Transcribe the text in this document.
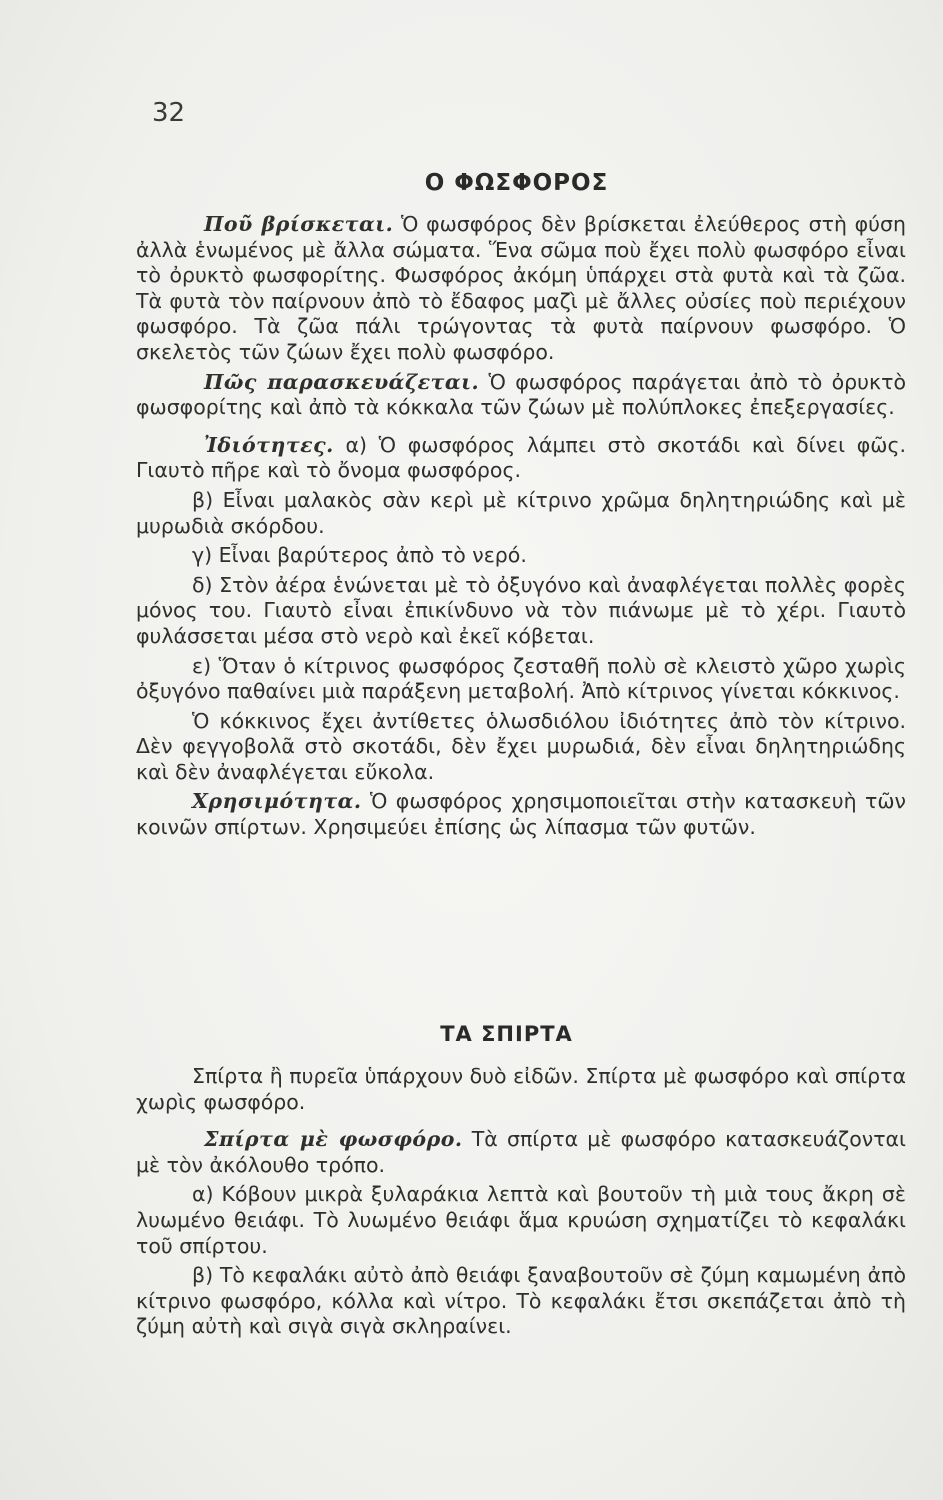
32
Ο ΦΩΣΦΟΡΟΣ

Ποῦ βρίσκεται. Ὁ φωσφόρος δὲν βρίσκεται ἐλεύθερος στὴ φύση ἀλλὰ ἑνωμένος μὲ ἄλλα σώματα. Ἕνα σῶμα ποὺ ἔχει πολὺ φωσφόρο εἶναι τὸ ὀρυκτὸ φωσφορίτης. Φωσφόρος ἀκόμη ὑπάρχει στὰ φυτὰ καὶ τὰ ζῶα. Τὰ φυτὰ τὸν παίρνουν ἀπὸ τὸ ἔδαφος μαζὶ μὲ ἄλλες οὐσίες ποὺ περιέχουν φωσφόρο. Τὰ ζῶα πάλι τρώγοντας τὰ φυτὰ παίρνουν φωσφόρο. Ὁ σκελετὸς τῶν ζώων ἔχει πολὺ φωσφόρο.

Πῶς παρασκευάζεται. Ὁ φωσφόρος παράγεται ἀπὸ τὸ ὀρυκτὸ φωσφορίτης καὶ ἀπὸ τὰ κόκκαλα τῶν ζώων μὲ πολύπλοκες ἐπεξεργασίες.

Ἰδιότητες. α) Ὁ φωσφόρος λάμπει στὸ σκοτάδι καὶ δίνει φῶς. Γιαυτὸ πῆρε καὶ τὸ ὄνομα φωσφόρος.

β) Εἶναι μαλακὸς σὰν κερὶ μὲ κίτρινο χρῶμα δηλητηριώδης καὶ μὲ μυρωδιὰ σκόρδου.

γ) Εἶναι βαρύτερος ἀπὸ τὸ νερό.

δ) Στὸν ἀέρα ἑνώνεται μὲ τὸ ὀξυγόνο καὶ ἀναφλέγεται πολλὲς φορὲς μόνος του. Γιαυτὸ εἶναι ἐπικίνδυνο νὰ τὸν πιάνωμε μὲ τὸ χέρι. Γιαυτὸ φυλάσσεται μέσα στὸ νερὸ καὶ ἐκεῖ κόβεται.

ε) Ὅταν ὁ κίτρινος φωσφόρος ζεσταθῆ πολὺ σὲ κλειστὸ χῶρο χωρὶς ὀξυγόνο παθαίνει μιὰ παράξενη μεταβολή. Ἀπὸ κίτρινος γίνεται κόκκινος.

Ὁ κόκκινος ἔχει ἀντίθετες ὁλωσδιόλου ἰδιότητες ἀπὸ τὸν κίτρινο. Δὲν φεγγοβολᾶ στὸ σκοτάδι, δὲν ἔχει μυρωδιά, δὲν εἶναι δηλητηριώδης καὶ δὲν ἀναφλέγεται εὔκολα.

Χρησιμότητα. Ὁ φωσφόρος χρησιμοποιεῖται στὴν κατασκευὴ τῶν κοινῶν σπίρτων. Χρησιμεύει ἐπίσης ὡς λίπασμα τῶν φυτῶν.

ΤΑ ΣΠΙΡΤΑ

Σπίρτα ἢ πυρεῖα ὑπάρχουν δυὸ εἰδῶν. Σπίρτα μὲ φωσφόρο καὶ σπίρτα χωρὶς φωσφόρο.

Σπίρτα μὲ φωσφόρο. Τὰ σπίρτα μὲ φωσφόρο κατασκευάζονται μὲ τὸν ἀκόλουθο τρόπο.

α) Κόβουν μικρὰ ξυλαράκια λεπτὰ καὶ βουτοῦν τὴ μιὰ τους ἄκρη σὲ λυωμένο θειάφι. Τὸ λυωμένο θειάφι ἅμα κρυώση σχηματίζει τὸ κεφαλάκι τοῦ σπίρτου.

β) Τὸ κεφαλάκι αὐτὸ ἀπὸ θειάφι ξαναβουτοῦν σὲ ζύμη καμωμένη ἀπὸ κίτρινο φωσφόρο, κόλλα καὶ νίτρο. Τὸ κεφαλάκι ἔτσι σκεπάζεται ἀπὸ τὴ ζύμη αὐτὴ καὶ σιγὰ σιγὰ σκληραίνει.
